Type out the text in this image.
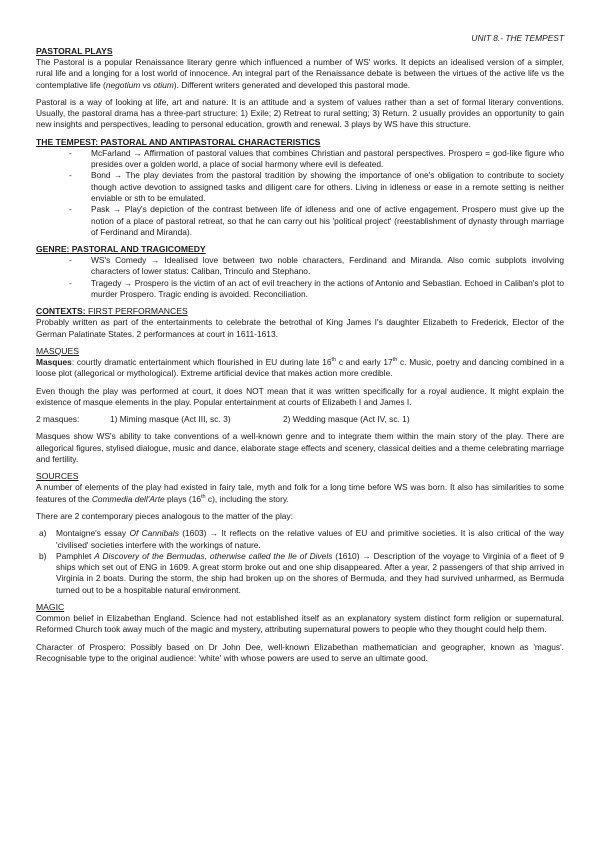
UNIT 8.- THE TEMPEST
PASTORAL PLAYS

The Pastoral is a popular Renaissance literary genre which influenced a number of WS' works. It depicts an idealised version of a simpler, rural life and a longing for a lost world of innocence. An integral part of the Renaissance debate is between the virtues of the active life vs the contemplative life (negotium vs otium). Different writers generated and developed this pastoral mode.

Pastoral is a way of looking at life, art and nature. It is an attitude and a system of values rather than a set of formal literary conventions. Usually, the pastoral drama has a three-part structure: 1) Exile; 2) Retreat to rural setting; 3) Return. 2 usually provides an opportunity to gain new insights and perspectives, leading to personal education, growth and renewal. 3 plays by WS have this structure.

THE TEMPEST: PASTORAL AND ANTIPASTORAL CHARACTERISTICS
- McFarland → Affirmation of pastoral values that combines Christian and pastoral perspectives. Prospero = god-like figure who presides over a golden world, a place of social harmony where evil is defeated.
- Bond → The play deviates from the pastoral tradition by showing the importance of one's obligation to contribute to society though active devotion to assigned tasks and diligent care for others. Living in idleness or ease in a remote setting is neither enviable or sth to be emulated.
- Pask → Play's depiction of the contrast between life of idleness and one of active engagement. Prospero must give up the notion of a place of pastoral retreat, so that he can carry out his 'political project' (reestablishment of dynasty through marriage of Ferdinand and Miranda).
GENRE: PASTORAL AND TRAGICOMEDY
- WS's Comedy → Idealised love between two noble characters, Ferdinand and Miranda. Also comic subplots involving characters of lower status: Caliban, Trinculo and Stephano.
- Tragedy → Prospero is the victim of an act of evil treachery in the actions of Antonio and Sebastian. Echoed in Caliban's plot to murder Prospero. Tragic ending is avoided. Reconciliation.
CONTEXTS: FIRST PERFORMANCES

Probably written as part of the entertainments to celebrate the betrothal of King James I's daughter Elizabeth to Frederick, Elector of the German Palatinate States. 2 performances at court in 1611-1613.

MASQUES

Masques: courtly dramatic entertainment which flourished in EU during late 16th c and early 17th c. Music, poetry and dancing combined in a loose plot (allegorical or mythological). Extreme artificial device that makes action more credible.

Even though the play was performed at court, it does NOT mean that it was written specifically for a royal audience. It might explain the existence of masque elements in the play. Popular entertainment at courts of Elizabeth I and James I.

2 masques:	1) Miming masque (Act III, sc. 3)	2) Wedding masque (Act IV, sc. 1)

Masques show WS's ability to take conventions of a well-known genre and to integrate them within the main story of the play. There are allegorical figures, stylised dialogue, music and dance, elaborate stage effects and scenery, classical deities and a theme celebrating marriage and fertility.

SOURCES

A number of elements of the play had existed in fairy tale, myth and folk for a long time before WS was born. It also has similarities to some features of the Commedia dell'Arte plays (16th c), including the story.

There are 2 contemporary pieces analogous to the matter of the play:

a) Montaigne's essay Of Cannibals (1603) → It reflects on the relative values of EU and primitive societies. It is also critical of the way 'civilised' societies interfere with the workings of nature.
b) Pamphlet A Discovery of the Bermudas, otherwise called the Ile of Divels (1610) → Description of the voyage to Virginia of a fleet of 9 ships which set out of ENG in 1609. A great storm broke out and one ship disappeared. After a year, 2 passengers of that ship arrived in Virginia in 2 boats. During the storm, the ship had broken up on the shores of Bermuda, and they had survived unharmed, as Bermuda turned out to be a hospitable natural environment.
MAGIC

Common belief in Elizabethan England. Science had not established itself as an explanatory system distinct form religion or supernatural. Reformed Church took away much of the magic and mystery, attributing supernatural powers to people who they thought could help them.

Character of Prospero: Possibly based on Dr John Dee, well-known Elizabethan mathematician and geographer, known as 'magus'. Recognisable type to the original audience: 'white' with whose powers are used to serve an ultimate good.
